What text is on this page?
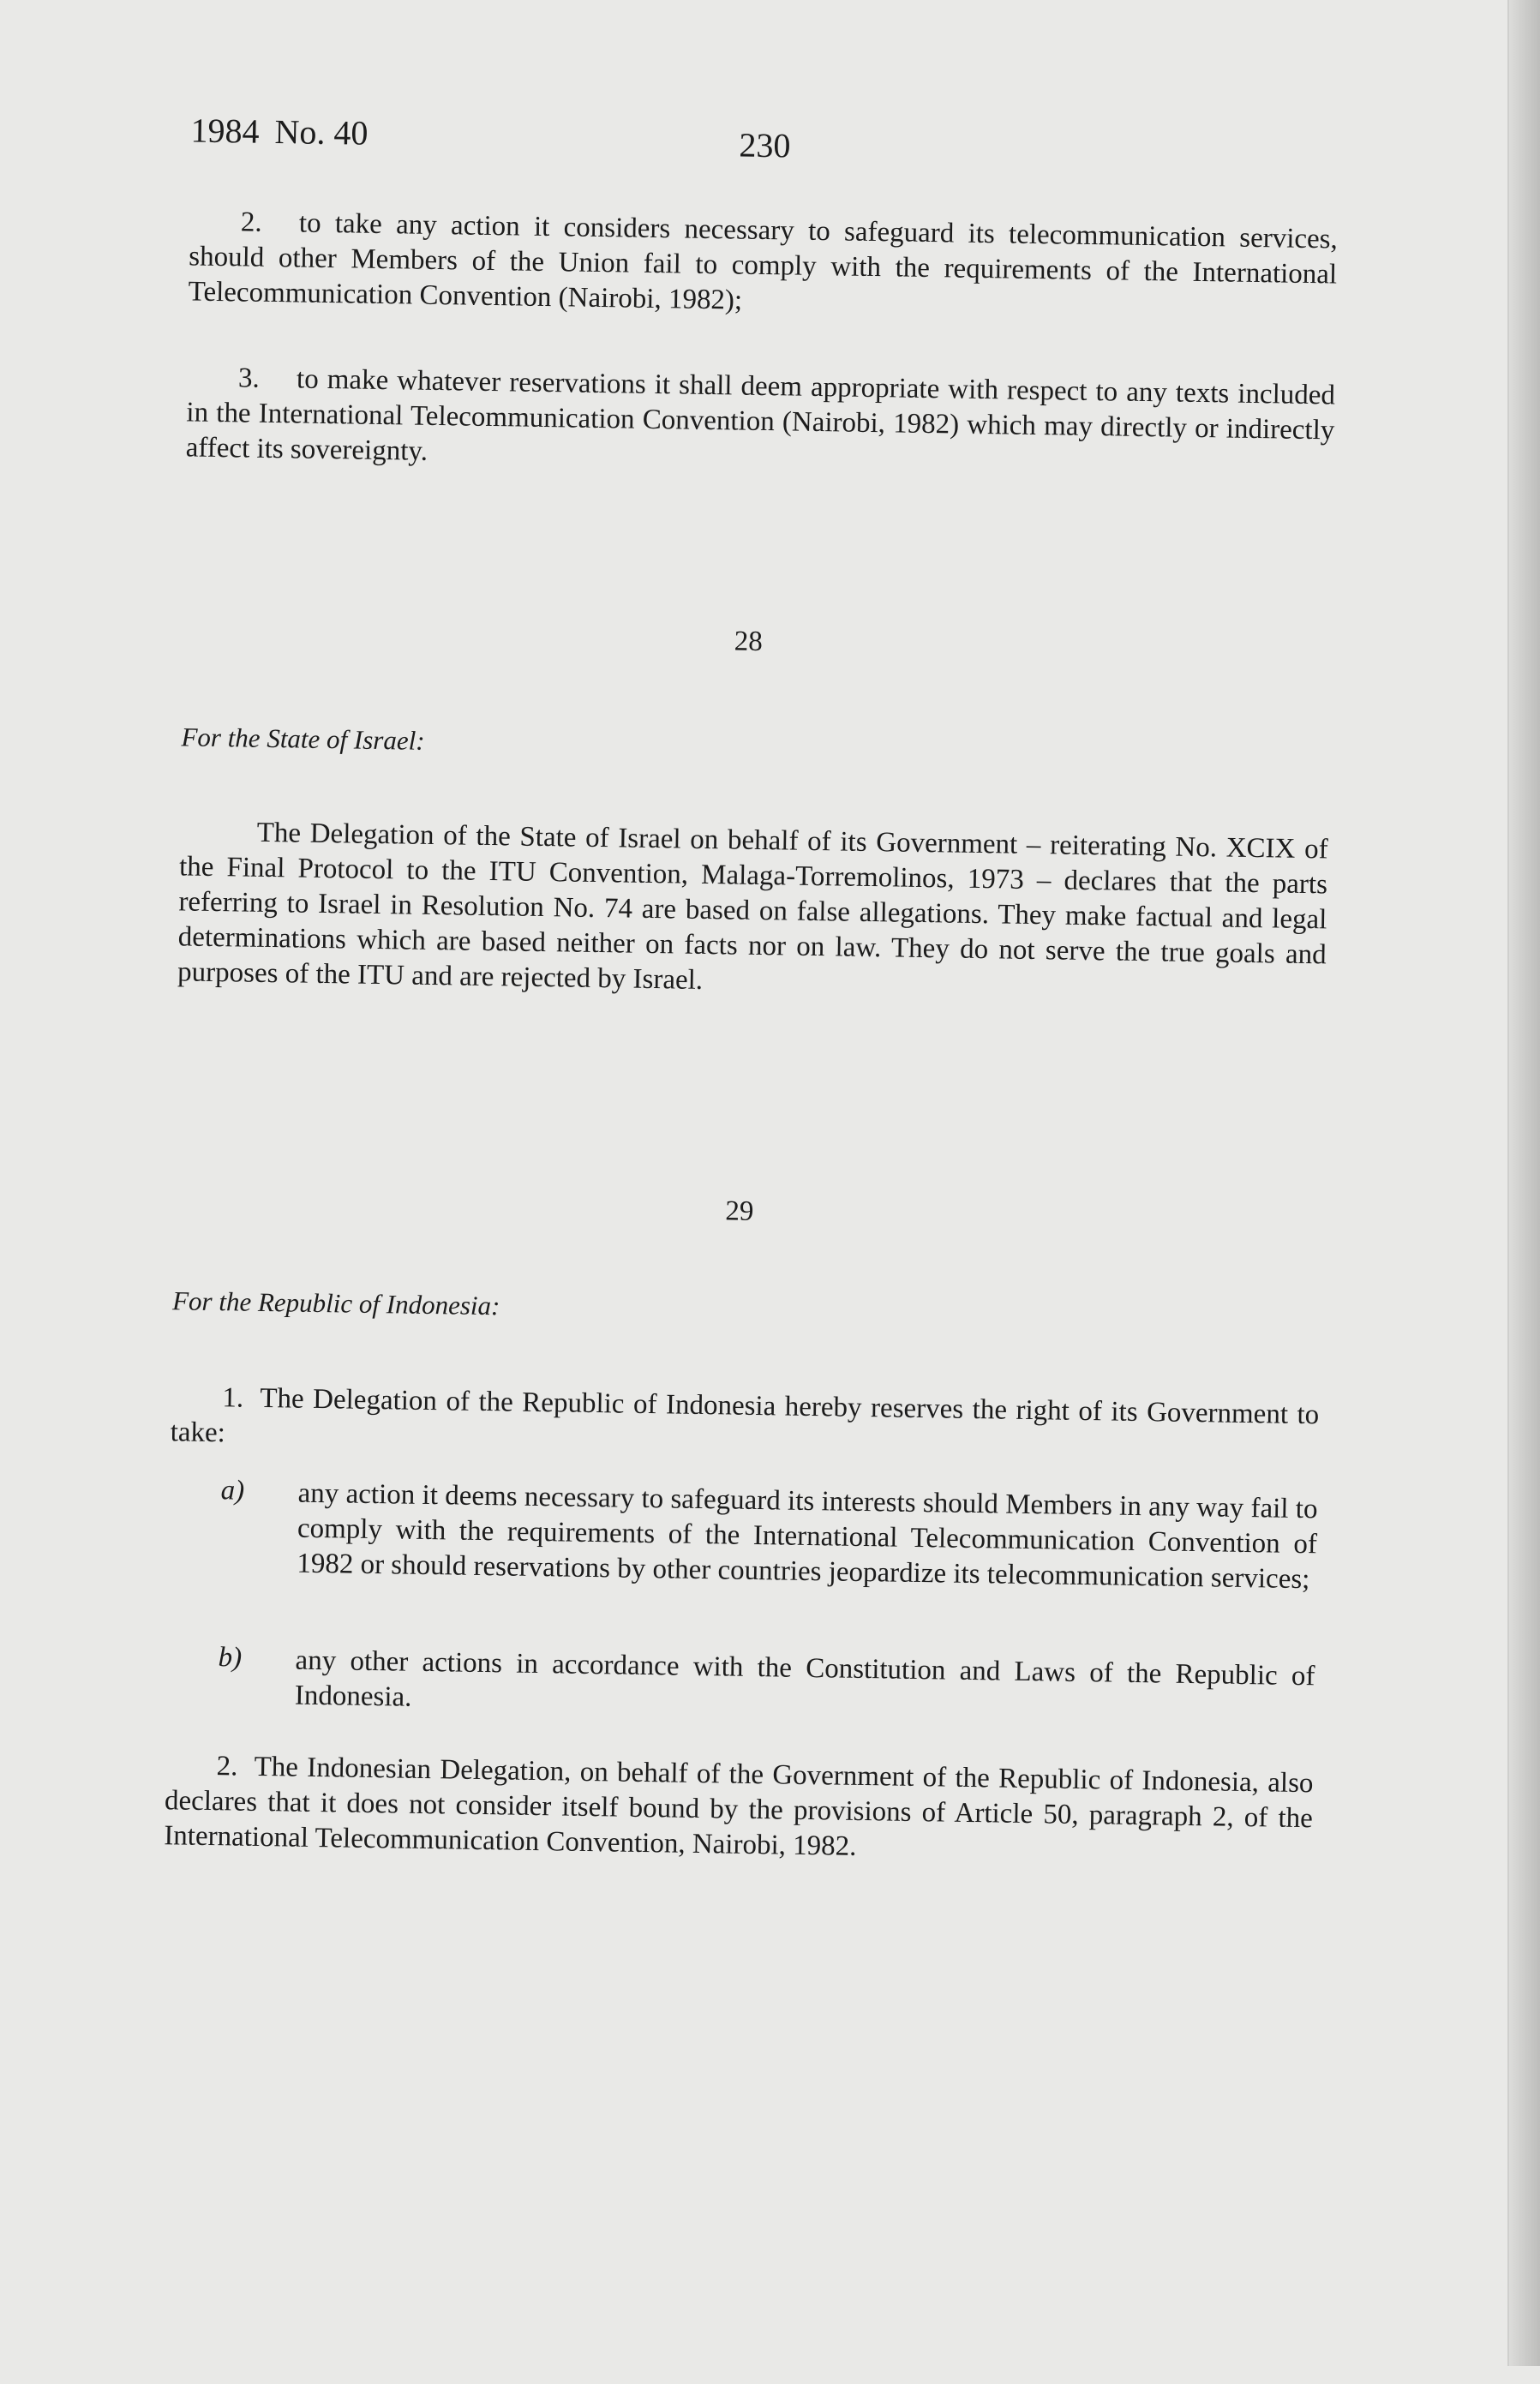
1984 No. 40	230

2. to take any action it considers necessary to safeguard its telecommunication services, should other Members of the Union fail to comply with the requirements of the International Telecommunication Convention (Nairobi, 1982);

3. to make whatever reservations it shall deem appropriate with respect to any texts included in the International Telecommunication Convention (Nairobi, 1982) which may directly or indirectly affect its sovereignty.

28
For the State of Israel:

The Delegation of the State of Israel on behalf of its Government – reiterating No. XCIX of the Final Protocol to the ITU Convention, Malaga-Torremolinos, 1973 – declares that the parts referring to Israel in Resolution No. 74 are based on false allegations. They make factual and legal determinations which are based neither on facts nor on law. They do not serve the true goals and purposes of the ITU and are rejected by Israel.

29
For the Republic of Indonesia:

1. The Delegation of the Republic of Indonesia hereby reserves the right of its Government to take:

a) any action it deems necessary to safeguard its interests should Members in any way fail to comply with the requirements of the International Telecommunication Convention of 1982 or should reservations by other countries jeopardize its telecommunication services;

b) any other actions in accordance with the Constitution and Laws of the Republic of Indonesia.

2. The Indonesian Delegation, on behalf of the Government of the Republic of Indonesia, also declares that it does not consider itself bound by the provisions of Article 50, paragraph 2, of the International Telecommunication Convention, Nairobi, 1982.
